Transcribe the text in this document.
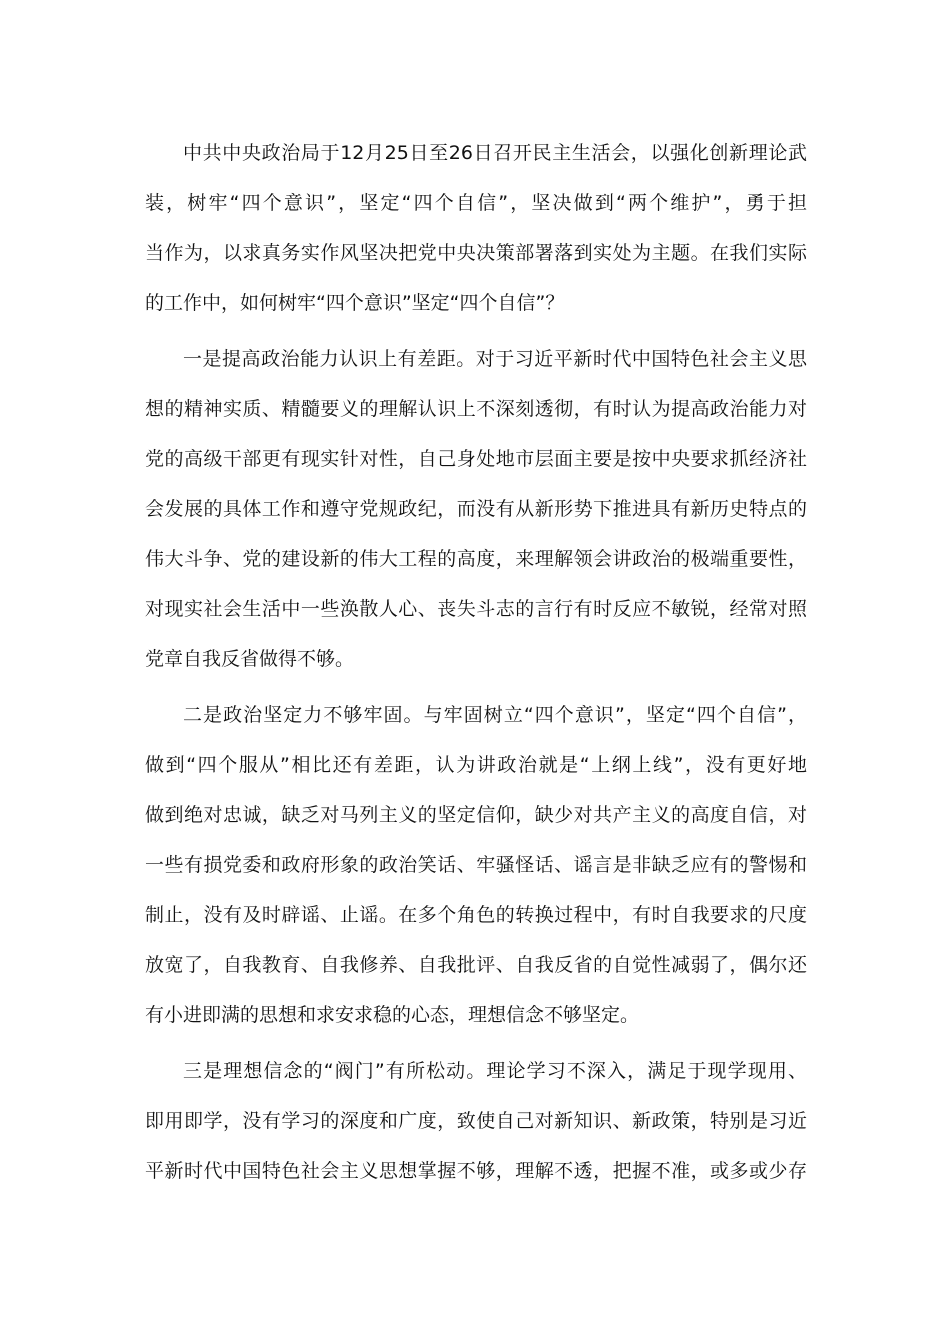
中共中央政治局于12月25日至26日召开民主生活会，以强化创新理论武
装，树牢“四个意识”，坚定“四个自信”，坚决做到“两个维护”，勇于担
当作为，以求真务实作风坚决把党中央决策部署落到实处为主题。在我们实际
的工作中，如何树牢“四个意识”坚定“四个自信”？
一是提高政治能力认识上有差距。对于习近平新时代中国特色社会主义思
想的精神实质、精髓要义的理解认识上不深刻透彻，有时认为提高政治能力对
党的高级干部更有现实针对性，自己身处地市层面主要是按中央要求抓经济社
会发展的具体工作和遵守党规政纪，而没有从新形势下推进具有新历史特点的
伟大斗争、党的建设新的伟大工程的高度，来理解领会讲政治的极端重要性，
对现实社会生活中一些涣散人心、丧失斗志的言行有时反应不敏锐，经常对照
党章自我反省做得不够。
二是政治坚定力不够牢固。与牢固树立“四个意识”，坚定“四个自信”，
做到“四个服从”相比还有差距，认为讲政治就是“上纲上线”，没有更好地
做到绝对忠诚，缺乏对马列主义的坚定信仰，缺少对共产主义的高度自信，对
一些有损党委和政府形象的政治笑话、牢骚怪话、谣言是非缺乏应有的警惕和
制止，没有及时辟谣、止谣。在多个角色的转换过程中，有时自我要求的尺度
放宽了，自我教育、自我修养、自我批评、自我反省的自觉性减弱了，偶尔还
有小进即满的思想和求安求稳的心态，理想信念不够坚定。
三是理想信念的“阀门”有所松动。理论学习不深入，满足于现学现用、
即用即学，没有学习的深度和广度，致使自己对新知识、新政策，特别是习近
平新时代中国特色社会主义思想掌握不够，理解不透，把握不准，或多或少存
